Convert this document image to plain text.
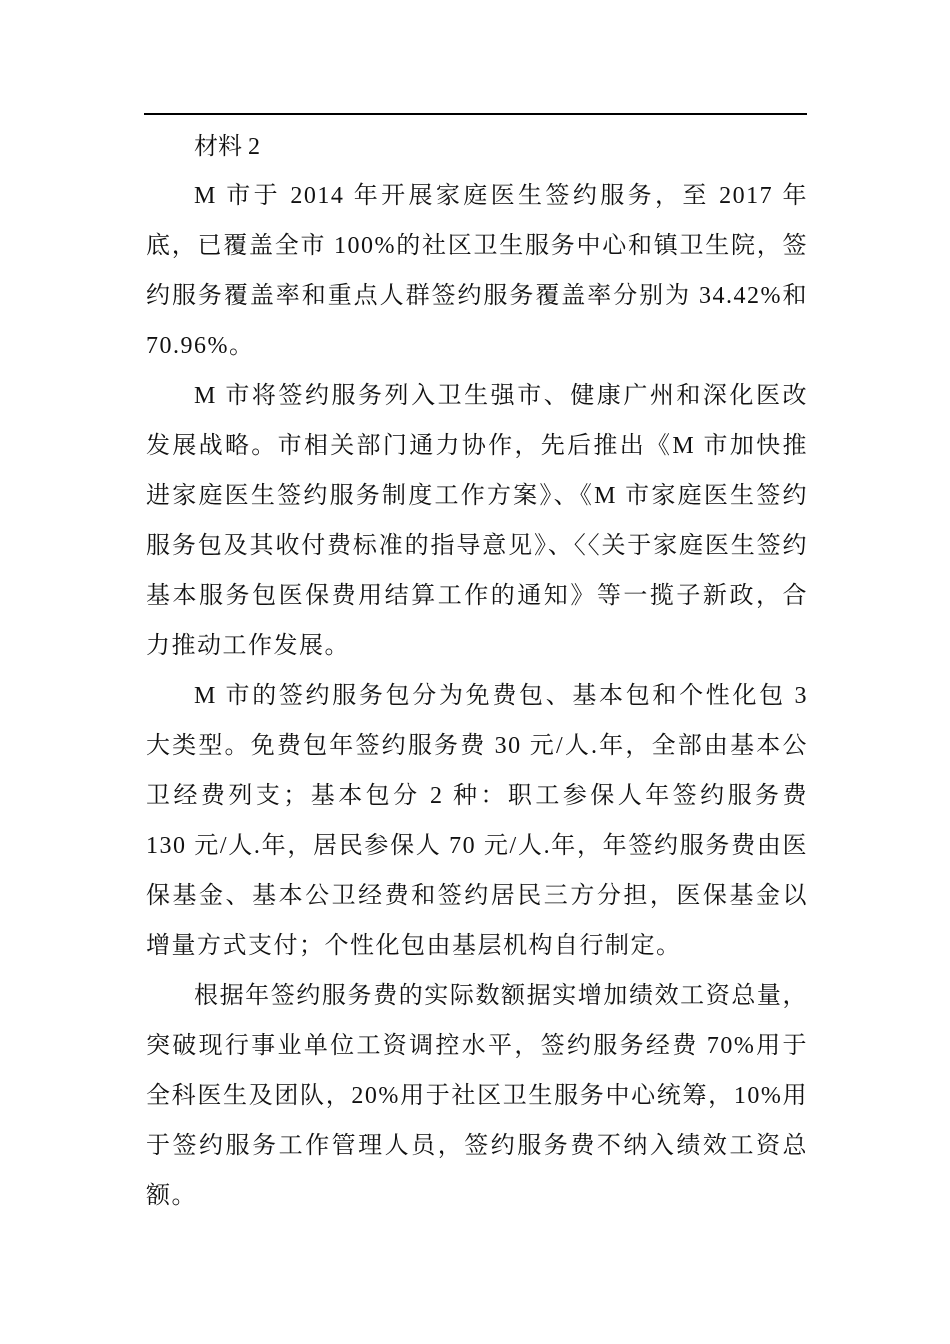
材料 2

M 市于 2014 年开展家庭医生签约服务，至 2017 年底，已覆盖全市 100%的社区卫生服务中心和镇卫生院，签约服务覆盖率和重点人群签约服务覆盖率分别为 34.42%和 70.96%。

M 市将签约服务列入卫生强市、健康广州和深化医改发展战略。市相关部门通力协作，先后推出《M 市加快推进家庭医生签约服务制度工作方案》、《M 市家庭医生签约服务包及其收付费标准的指导意见》、〈〈关于家庭医生签约基本服务包医保费用结算工作的通知》等一揽子新政，合力推动工作发展。

M 市的签约服务包分为免费包、基本包和个性化包 3 大类型。免费包年签约服务费 30 元/人.年，全部由基本公卫经费列支；基本包分 2 种：职工参保人年签约服务费 130 元/人.年，居民参保人 70 元/人.年，年签约服务费由医保基金、基本公卫经费和签约居民三方分担，医保基金以增量方式支付；个性化包由基层机构自行制定。

根据年签约服务费的实际数额据实增加绩效工资总量，突破现行事业单位工资调控水平，签约服务经费 70%用于全科医生及团队，20%用于社区卫生服务中心统筹，10%用于签约服务工作管理人员，签约服务费不纳入绩效工资总额。
